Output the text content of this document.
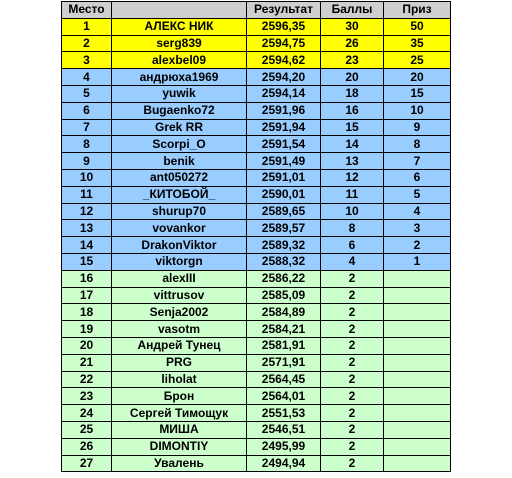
Место		Результат	Баллы	Приз
1	АЛЕКС НИК	2596,35	30	50
2	serg839	2594,75	26	35
3	alexbel09	2594,62	23	25
4	андрюха1969	2594,20	20	20
5	yuwik	2594,14	18	15
6	Bugaenko72	2591,96	16	10
7	Grek RR	2591,94	15	9
8	Scorpi_O	2591,54	14	8
9	benik	2591,49	13	7
10	ant050272	2591,01	12	6
11	_КИТОБОЙ_	2590,01	11	5
12	shurup70	2589,65	10	4
13	vovankor	2589,57	8	3
14	DrakonViktor	2589,32	6	2
15	viktorgn	2588,32	4	1
16	alexIII	2586,22	2	
17	vittrusov	2585,09	2	
18	Senja2002	2584,89	2	
19	vasotm	2584,21	2	
20	Андрей Тунец	2581,91	2	
21	PRG	2571,91	2	
22	liholat	2564,45	2	
23	Брон	2564,01	2	
24	Сергей Тимощук	2551,53	2	
25	МИША	2546,51	2	
26	DIMONTIY	2495,99	2	
27	Увалень	2494,94	2	
